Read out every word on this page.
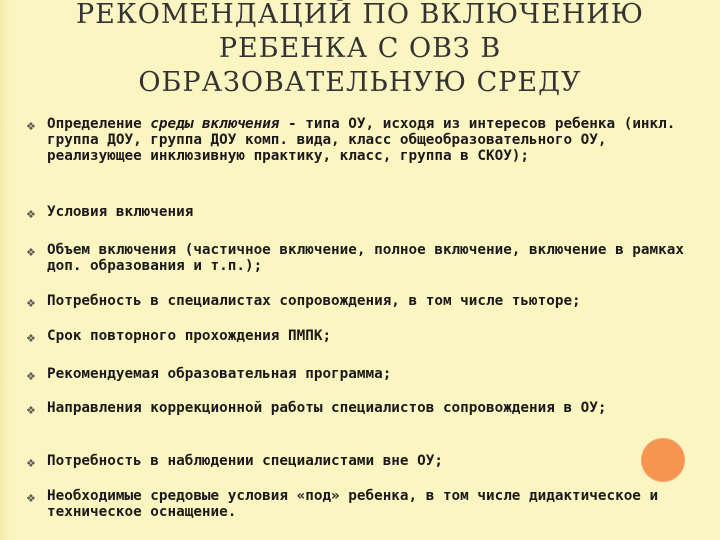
РЕКОМЕНДАЦИЙ ПО ВКЛЮЧЕНИЮ
РЕБЕНКА С ОВЗ В
ОБРАЗОВАТЕЛЬНУЮ СРЕДУ
❖ Определение среды включения - типа ОУ, исходя из интересов ребенка (инкл. группа ДОУ, группа ДОУ комп. вида, класс общеобразовательного ОУ, реализующее инклюзивную практику, класс, группа в СКОУ);
❖ Условия включения
❖ Объем включения (частичное включение, полное включение, включение в рамках доп. образования и т.п.);
❖ Потребность в специалистах сопровождения, в том числе тьюторе;
❖ Срок повторного прохождения ПМПК;
❖ Рекомендуемая образовательная программа;
❖ Направления коррекционной работы специалистов сопровождения в ОУ;
❖ Потребность в наблюдении специалистами вне ОУ;
❖ Необходимые средовые условия «под» ребенка, в том числе дидактическое и техническое оснащение.
